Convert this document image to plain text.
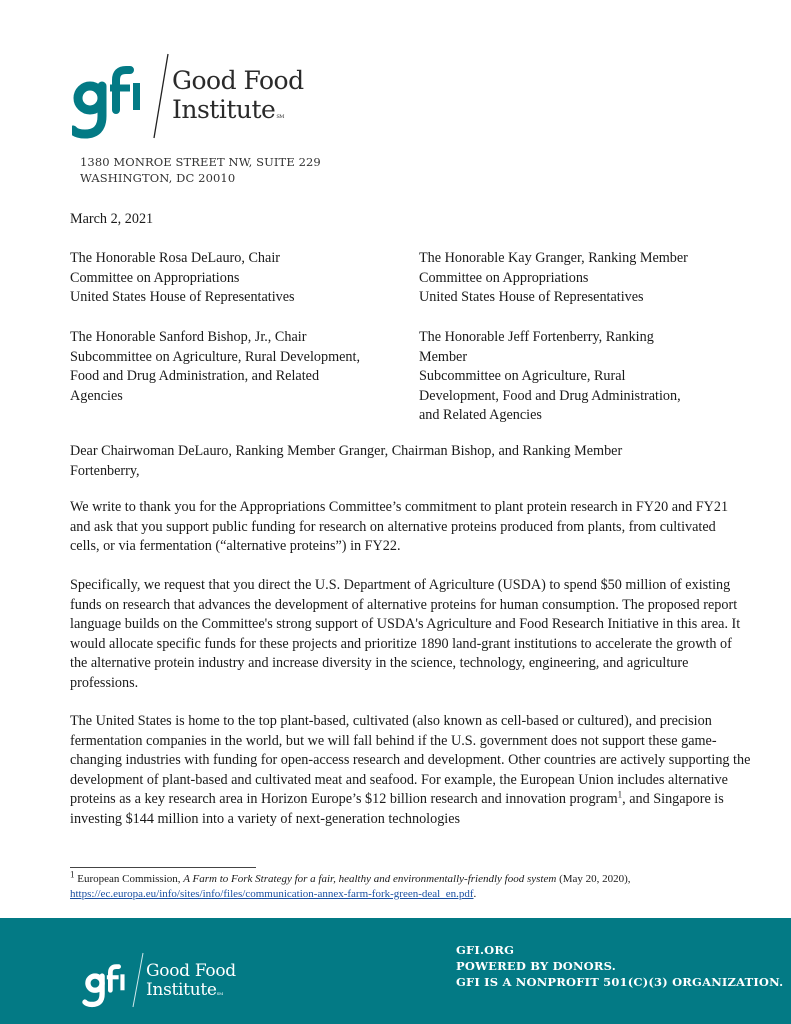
Good Food
InstituteSM
1380 MONROE STREET NW, SUITE 229
WASHINGTON, DC 20010
March 2, 2021
The Honorable Rosa DeLauro, Chair
Committee on Appropriations
United States House of Representatives
The Honorable Kay Granger, Ranking Member
Committee on Appropriations
United States House of Representatives
The Honorable Sanford Bishop, Jr., Chair
Subcommittee on Agriculture, Rural Development,
Food and Drug Administration, and Related
Agencies
The Honorable Jeff Fortenberry, Ranking
Member
Subcommittee on Agriculture, Rural
Development, Food and Drug Administration,
and Related Agencies

Dear Chairwoman DeLauro, Ranking Member Granger, Chairman Bishop, and Ranking Member Fortenberry,

We write to thank you for the Appropriations Committee’s commitment to plant protein research in FY20 and FY21 and ask that you support public funding for research on alternative proteins produced from plants, from cultivated cells, or via fermentation (“alternative proteins”) in FY22.

Specifically, we request that you direct the U.S. Department of Agriculture (USDA) to spend $50 million of existing funds on research that advances the development of alternative proteins for human consumption. The proposed report language builds on the Committee's strong support of USDA's Agriculture and Food Research Initiative in this area. It would allocate specific funds for these projects and prioritize 1890 land-grant institutions to accelerate the growth of the alternative protein industry and increase diversity in the science, technology, engineering, and agriculture professions.

The United States is home to the top plant-based, cultivated (also known as cell-based or cultured), and precision fermentation companies in the world, but we will fall behind if the U.S. government does not support these game-changing industries with funding for open-access research and development. Other countries are actively supporting the development of plant-based and cultivated meat and seafood. For example, the European Union includes alternative proteins as a key research area in Horizon Europe’s $12 billion research and innovation program$^1$, and Singapore is investing $144 million into a variety of next-generation technologies

$^1$ European Commission, A Farm to Fork Strategy for a fair, healthy and environmentally-friendly food system (May 20, 2020),
https://ec.europa.eu/info/sites/info/files/communication-annex-farm-fork-green-deal_en.pdf.
Good Food
InstituteSM
GFI.ORG
POWERED BY DONORS.
GFI IS A NONPROFIT 501(C)(3) ORGANIZATION.
